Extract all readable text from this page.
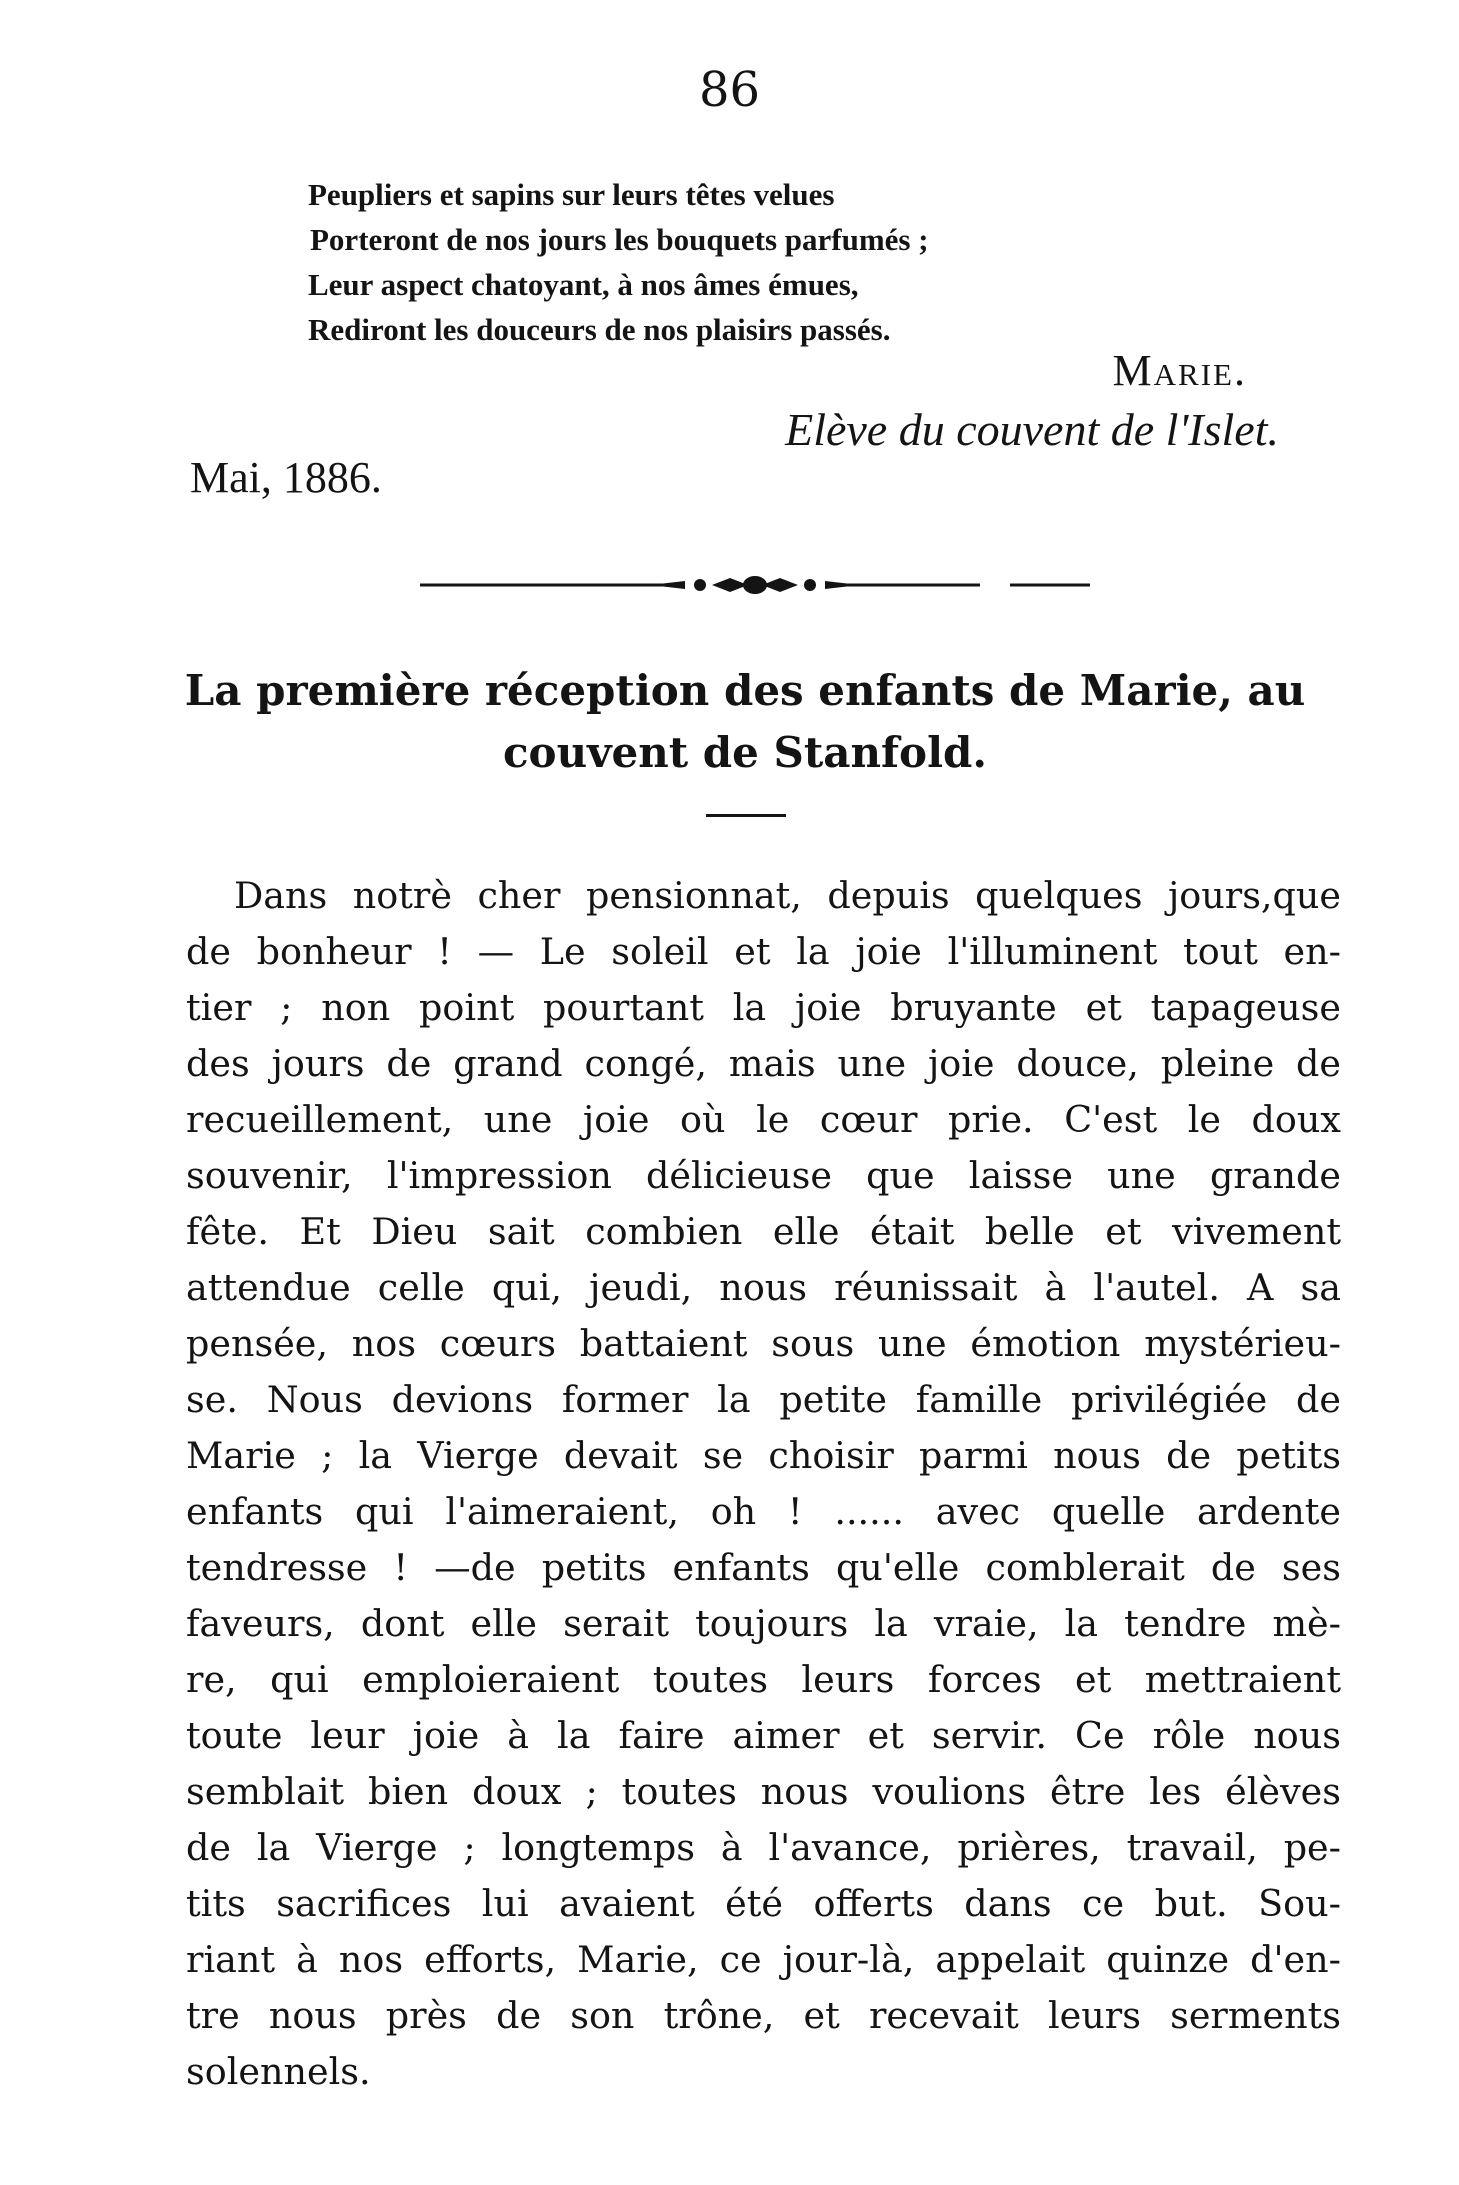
86
Peupliers et sapins sur leurs têtes velues
Porteront de nos jours les bouquets parfumés ;
Leur aspect chatoyant, à nos âmes émues,
Rediront les douceurs de nos plaisirs passés.
Marie.
Elève du couvent de l'Islet.
Mai, 1886.
La première réception des enfants de Marie, au
couvent de Stanfold.
Dans notrè cher pensionnat, depuis quelques jours,que
de bonheur ! — Le soleil et la joie l'illuminent tout en-
tier ; non point pourtant la joie bruyante et tapageuse
des jours de grand congé, mais une joie douce, pleine de
recueillement, une joie où le cœur prie. C'est le doux
souvenir, l'impression délicieuse que laisse une grande
fête. Et Dieu sait combien elle était belle et vivement
attendue celle qui, jeudi, nous réunissait à l'autel. A sa
pensée, nos cœurs battaient sous une émotion mystérieu-
se. Nous devions former la petite famille privilégiée de
Marie ; la Vierge devait se choisir parmi nous de petits
enfants qui l'aimeraient, oh ! ...... avec quelle ardente
tendresse ! —de petits enfants qu'elle comblerait de ses
faveurs, dont elle serait toujours la vraie, la tendre mè-
re, qui emploieraient toutes leurs forces et mettraient
toute leur joie à la faire aimer et servir. Ce rôle nous
semblait bien doux ; toutes nous voulions être les élèves
de la Vierge ; longtemps à l'avance, prières, travail, pe-
tits sacrifices lui avaient été offerts dans ce but. Sou-
riant à nos efforts, Marie, ce jour-là, appelait quinze d'en-
tre nous près de son trône, et recevait leurs serments
solennels.
